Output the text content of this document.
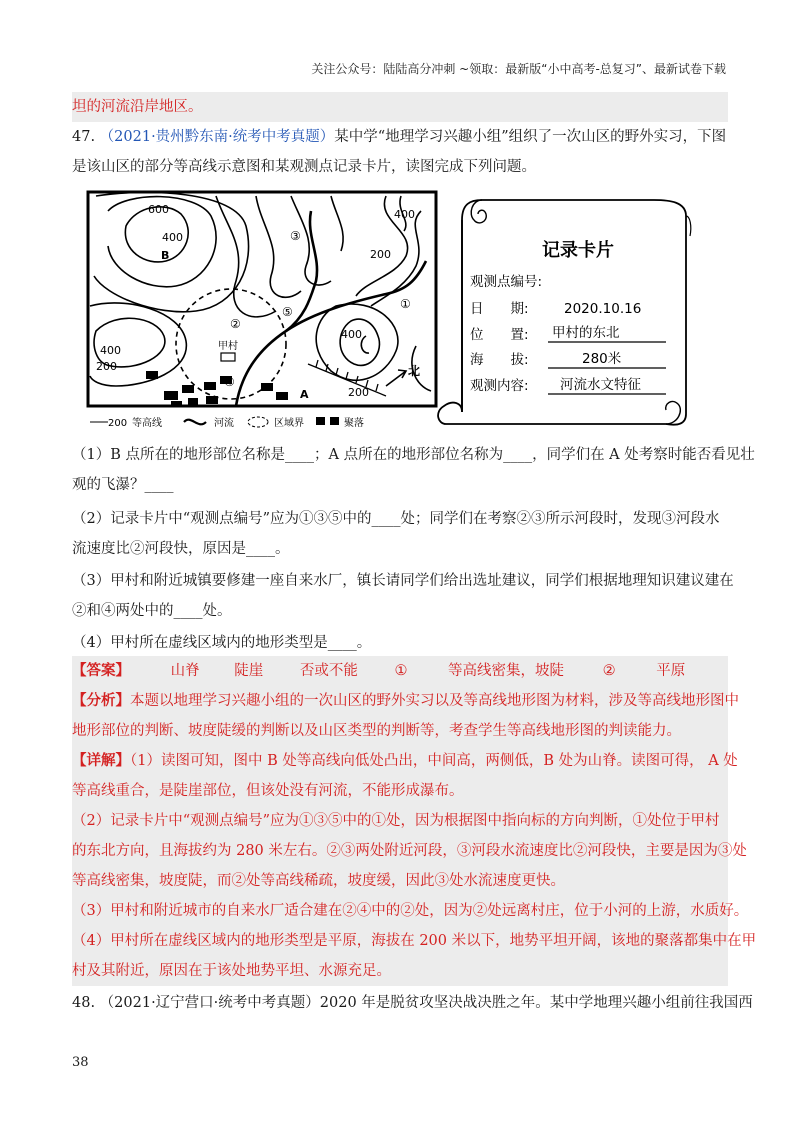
关注公众号：陆陆高分冲刺 ~领取：最新版“小中高考-总复习”、最新试卷下载
坦的河流沿岸地区。
47. （2021·贵州黔东南·统考中考真题）某中学“地理学习兴趣小组”组织了一次山区的野外实习，下图
是该山区的部分等高线示意图和某观测点记录卡片，读图完成下列问题。
600
400
400
200
200
400
400
200
B
A
甲村
①
②
③
④
⑤
北
200 等高线	河流	区域界	聚落
记录卡片
观测点编号:
日　　期:	2020.10.16
位　　置: 甲村的东北
海　　拔:	280米
观测内容: 河流水文特征
（1）B 点所在的地形部位名称是____；A 点所在的地形部位名称为____，同学们在 A 处考察时能否看见壮
观的飞瀑？____
（2）记录卡片中“观测点编号”应为①③⑤中的____处；同学们在考察②③所示河段时，发现③河段水
流速度比②河段快，原因是____。
（3）甲村和附近城镇要修建一座自来水厂，镇长请同学们给出选址建议，同学们根据地理知识建议建在
②和④两处中的____处。
（4）甲村所在虚线区域内的地形类型是____。
【答案】	山脊 陡崖	否或不能	①	等高线密集，坡陡	②	平原
【分析】本题以地理学习兴趣小组的一次山区的野外实习以及等高线地形图为材料，涉及等高线地形图中
地形部位的判断、坡度陡缓的判断以及山区类型的判断等，考查学生等高线地形图的判读能力。
【详解】（1）读图可知，图中 B 处等高线向低处凸出，中间高，两侧低，B 处为山脊。读图可得， A 处
等高线重合，是陡崖部位，但该处没有河流，不能形成瀑布。
（2）记录卡片中“观测点编号”应为①③⑤中的①处，因为根据图中指向标的方向判断，①处位于甲村
的东北方向，且海拔约为 280 米左右。②③两处附近河段，③河段水流速度比②河段快，主要是因为③处
等高线密集，坡度陡，而②处等高线稀疏，坡度缓，因此③处水流速度更快。
（3）甲村和附近城市的自来水厂适合建在②④中的②处，因为②处远离村庄，位于小河的上游，水质好。
（4）甲村所在虚线区域内的地形类型是平原，海拔在 200 米以下，地势平坦开阔，该地的聚落都集中在甲
村及其附近，原因在于该处地势平坦、水源充足。
48. （2021·辽宁营口·统考中考真题）2020 年是脱贫攻坚决战决胜之年。某中学地理兴趣小组前往我国西
38
